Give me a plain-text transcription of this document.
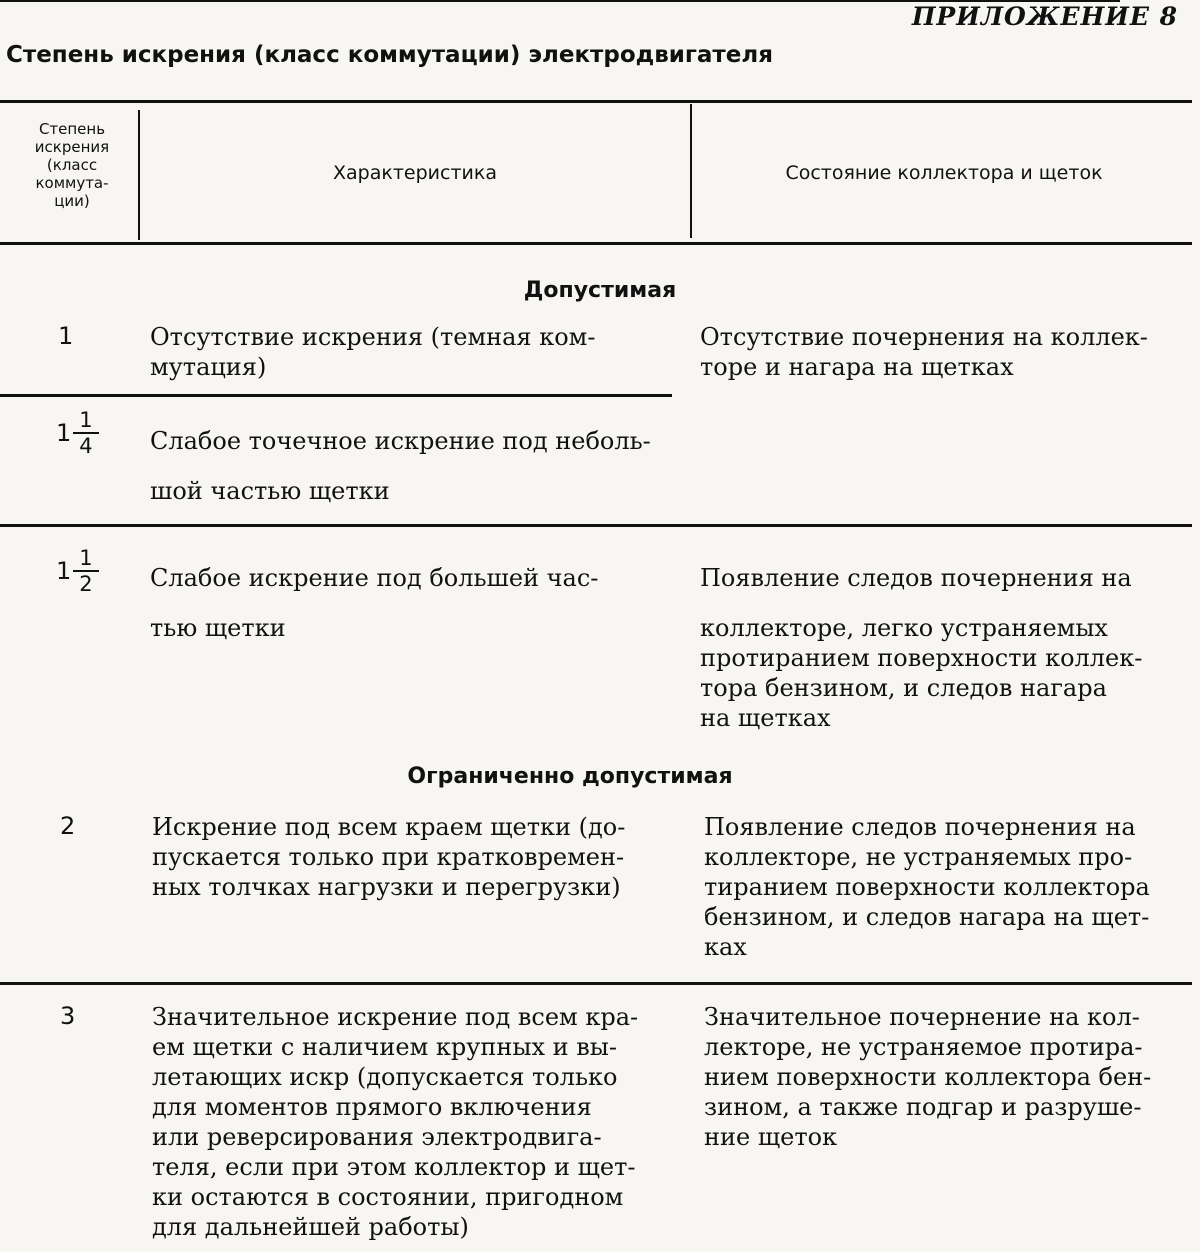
ПРИЛОЖЕНИЕ 8
Степень искрения (класс коммутации) электродвигателя
Степень
искрения
(класс
коммута-
ции)
Характеристика	Состояние коллектора и щеток
Допустимая
1	Отсутствие искрения (темная ком-
мутация)
Отсутствие почернения на коллек-
торе и нагара на щетках
1 1
4 Слабое точечное искрение под неболь-
шой частью щетки
1 1
2 Слабое искрение под большей час-
тью щетки
Появление следов почернения на
коллекторе, легко устраняемых
протиранием поверхности коллек-
тора бензином, и следов нагара
на щетках
Ограниченно допустимая
2	Искрение под всем краем щетки (до-
пускается только при кратковремен-
ных толчках нагрузки и перегрузки)
Появление следов почернения на
коллекторе, не устраняемых про-
тиранием поверхности коллектора
бензином, и следов нагара на щет-
ках
3	Значительное искрение под всем кра-
ем щетки с наличием крупных и вы-
летающих искр (допускается только
для моментов прямого включения
или реверсирования электродвига-
теля, если при этом коллектор и щет-
ки остаются в состоянии, пригодном
для дальнейшей работы)
Значительное почернение на кол-
лекторе, не устраняемое протира-
нием поверхности коллектора бен-
зином, а также подгар и разруше-
ние щеток
